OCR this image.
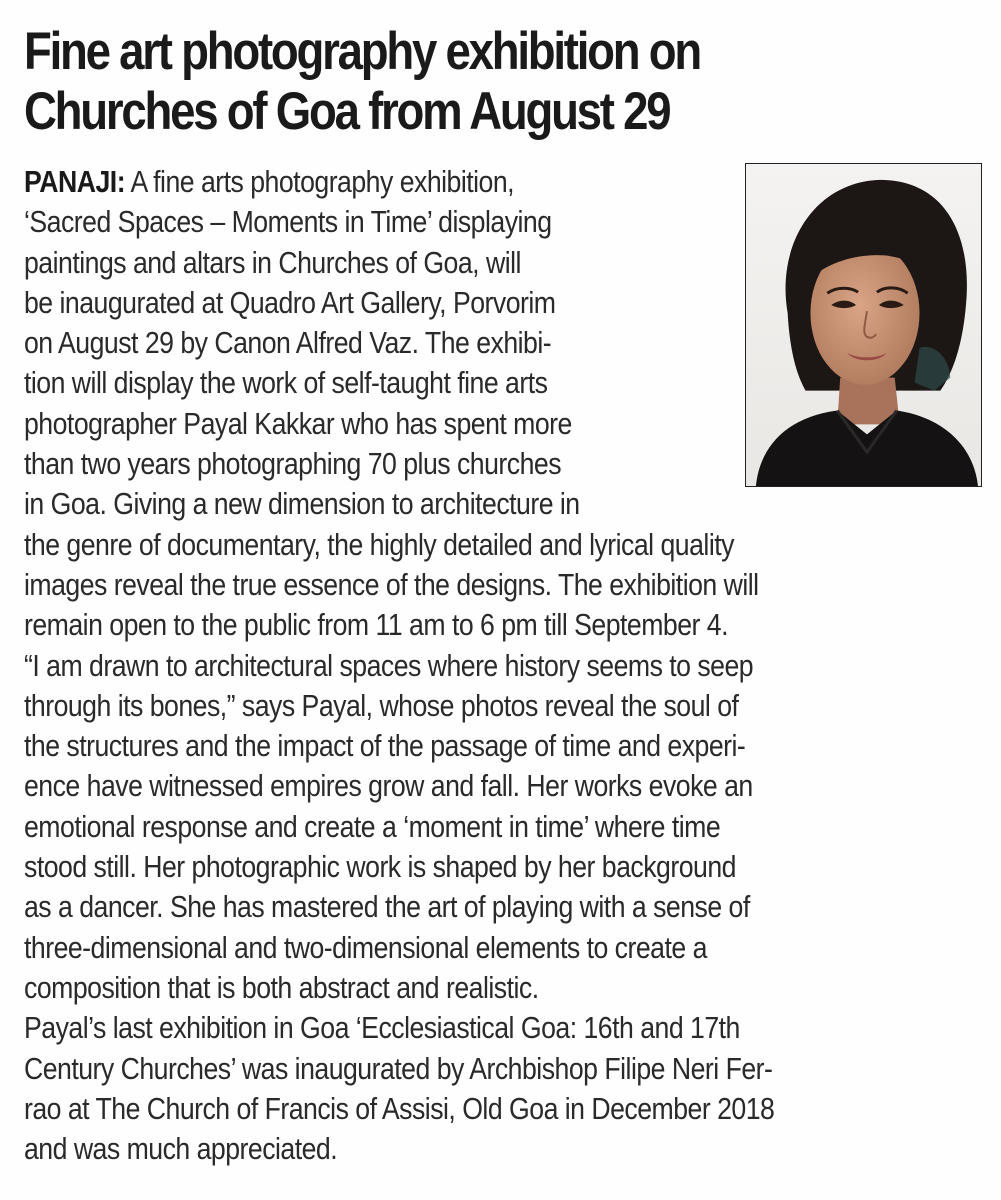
Fine art photography exhibition on
Churches of Goa from August 29
PANAJI: A fine arts photography exhibition,
‘Sacred Spaces – Moments in Time’ displaying
paintings and altars in Churches of Goa, will
be inaugurated at Quadro Art Gallery, Porvorim
on August 29 by Canon Alfred Vaz. The exhibi-
tion will display the work of self-taught fine arts
photographer Payal Kakkar who has spent more
than two years photographing 70 plus churches
in Goa. Giving a new dimension to architecture in
the genre of documentary, the highly detailed and lyrical quality
images reveal the true essence of the designs. The exhibition will
remain open to the public from 11 am to 6 pm till September 4.
“I am drawn to architectural spaces where history seems to seep
through its bones,” says Payal, whose photos reveal the soul of
the structures and the impact of the passage of time and experi-
ence have witnessed empires grow and fall. Her works evoke an
emotional response and create a ‘moment in time’ where time
stood still. Her photographic work is shaped by her background
as a dancer. She has mastered the art of playing with a sense of
three-dimensional and two-dimensional elements to create a
composition that is both abstract and realistic.
Payal’s last exhibition in Goa ‘Ecclesiastical Goa: 16th and 17th
Century Churches’ was inaugurated by Archbishop Filipe Neri Fer-
rao at The Church of Francis of Assisi, Old Goa in December 2018
and was much appreciated.
